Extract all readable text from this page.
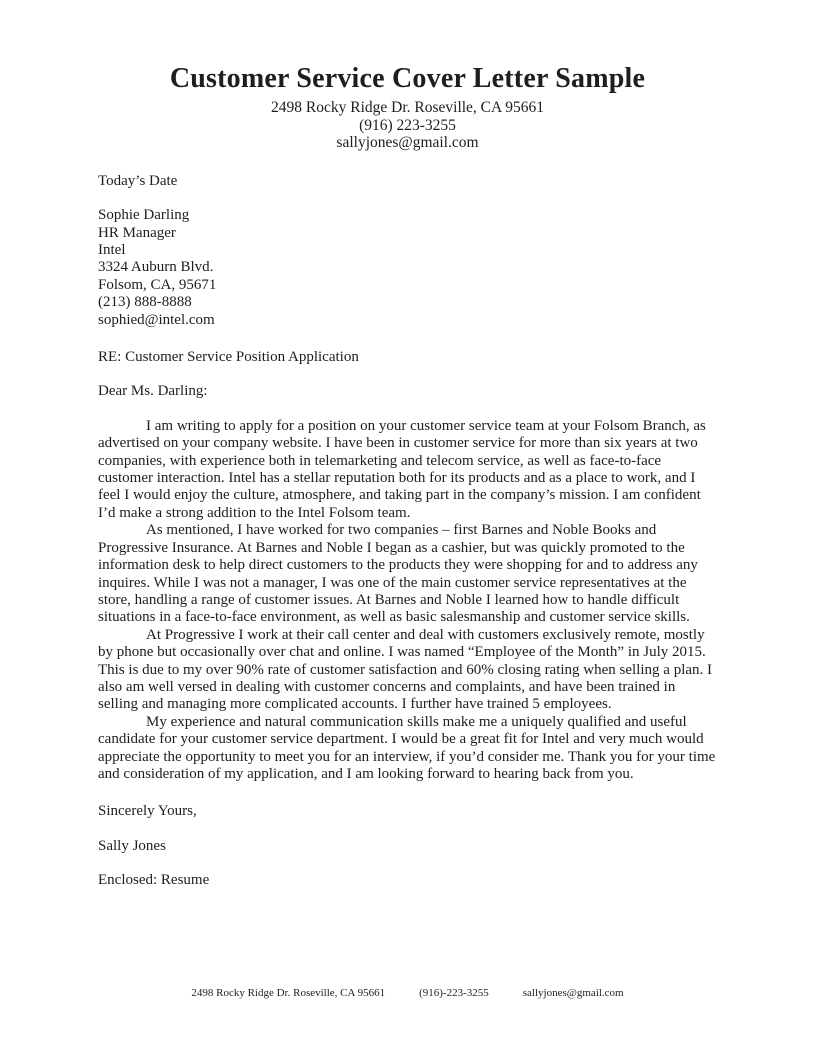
Customer Service Cover Letter Sample
2498 Rocky Ridge Dr. Roseville, CA 95661
(916) 223-3255
sallyjones@gmail.com
Today’s Date
Sophie Darling
HR Manager
Intel
3324 Auburn Blvd.
Folsom, CA, 95671
(213) 888-8888
sophied@intel.com
RE: Customer Service Position Application
Dear Ms. Darling:

I am writing to apply for a position on your customer service team at your Folsom Branch, as advertised on your company website. I have been in customer service for more than six years at two companies, with experience both in telemarketing and telecom service, as well as face-to-face customer interaction. Intel has a stellar reputation both for its products and as a place to work, and I feel I would enjoy the culture, atmosphere, and taking part in the company’s mission. I am confident I’d make a strong addition to the Intel Folsom team.

As mentioned, I have worked for two companies – first Barnes and Noble Books and Progressive Insurance. At Barnes and Noble I began as a cashier, but was quickly promoted to the information desk to help direct customers to the products they were shopping for and to address any inquires. While I was not a manager, I was one of the main customer service representatives at the store, handling a range of customer issues. At Barnes and Noble I learned how to handle difficult situations in a face-to-face environment, as well as basic salesmanship and customer service skills.

At Progressive I work at their call center and deal with customers exclusively remote, mostly by phone but occasionally over chat and online. I was named “Employee of the Month” in July 2015. This is due to my over 90% rate of customer satisfaction and 60% closing rating when selling a plan. I also am well versed in dealing with customer concerns and complaints, and have been trained in selling and managing more complicated accounts. I further have trained 5 employees.

My experience and natural communication skills make me a uniquely qualified and useful candidate for your customer service department. I would be a great fit for Intel and very much would appreciate the opportunity to meet you for an interview, if you’d consider me. Thank you for your time and consideration of my application, and I am looking forward to hearing back from you.

Sincerely Yours,
Sally Jones
Enclosed: Resume
2498 Rocky Ridge Dr. Roseville, CA 95661	(916)-223-3255	sallyjones@gmail.com
